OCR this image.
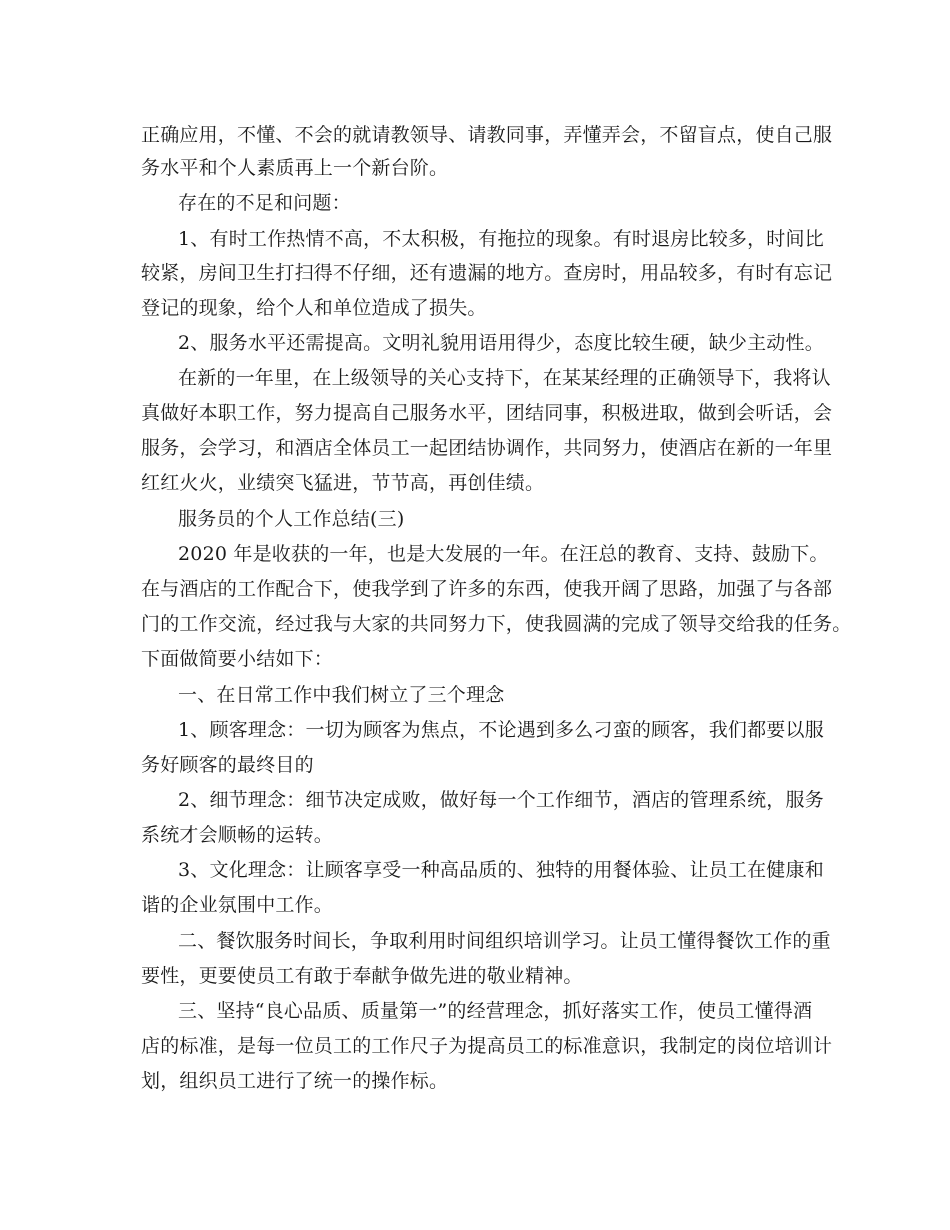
正确应用，不懂、不会的就请教领导、请教同事，弄懂弄会，不留盲点，使自己服
务水平和个人素质再上一个新台阶。
存在的不足和问题：
1、有时工作热情不高，不太积极，有拖拉的现象。有时退房比较多，时间比
较紧，房间卫生打扫得不仔细，还有遗漏的地方。查房时，用品较多，有时有忘记
登记的现象，给个人和单位造成了损失。
2、服务水平还需提高。文明礼貌用语用得少，态度比较生硬，缺少主动性。
在新的一年里，在上级领导的关心支持下，在某某经理的正确领导下，我将认
真做好本职工作，努力提高自己服务水平，团结同事，积极进取，做到会听话，会
服务，会学习，和酒店全体员工一起团结协调作，共同努力，使酒店在新的一年里
红红火火，业绩突飞猛进，节节高，再创佳绩。
服务员的个人工作总结(三)
2020 年是收获的一年，也是大发展的一年。在汪总的教育、支持、鼓励下。
在与酒店的工作配合下，使我学到了许多的东西，使我开阔了思路，加强了与各部
门的工作交流，经过我与大家的共同努力下，使我圆满的完成了领导交给我的任务。
下面做简要小结如下：
一、在日常工作中我们树立了三个理念
1、顾客理念：一切为顾客为焦点，不论遇到多么刁蛮的顾客，我们都要以服
务好顾客的最终目的
2、细节理念：细节决定成败，做好每一个工作细节，酒店的管理系统，服务
系统才会顺畅的运转。
3、文化理念：让顾客享受一种高品质的、独特的用餐体验、让员工在健康和
谐的企业氛围中工作。
二、餐饮服务时间长，争取利用时间组织培训学习。让员工懂得餐饮工作的重
要性，更要使员工有敢于奉献争做先进的敬业精神。
三、坚持“良心品质、质量第一”的经营理念，抓好落实工作，使员工懂得酒
店的标准，是每一位员工的工作尺子为提高员工的标准意识，我制定的岗位培训计
划，组织员工进行了统一的操作标。
